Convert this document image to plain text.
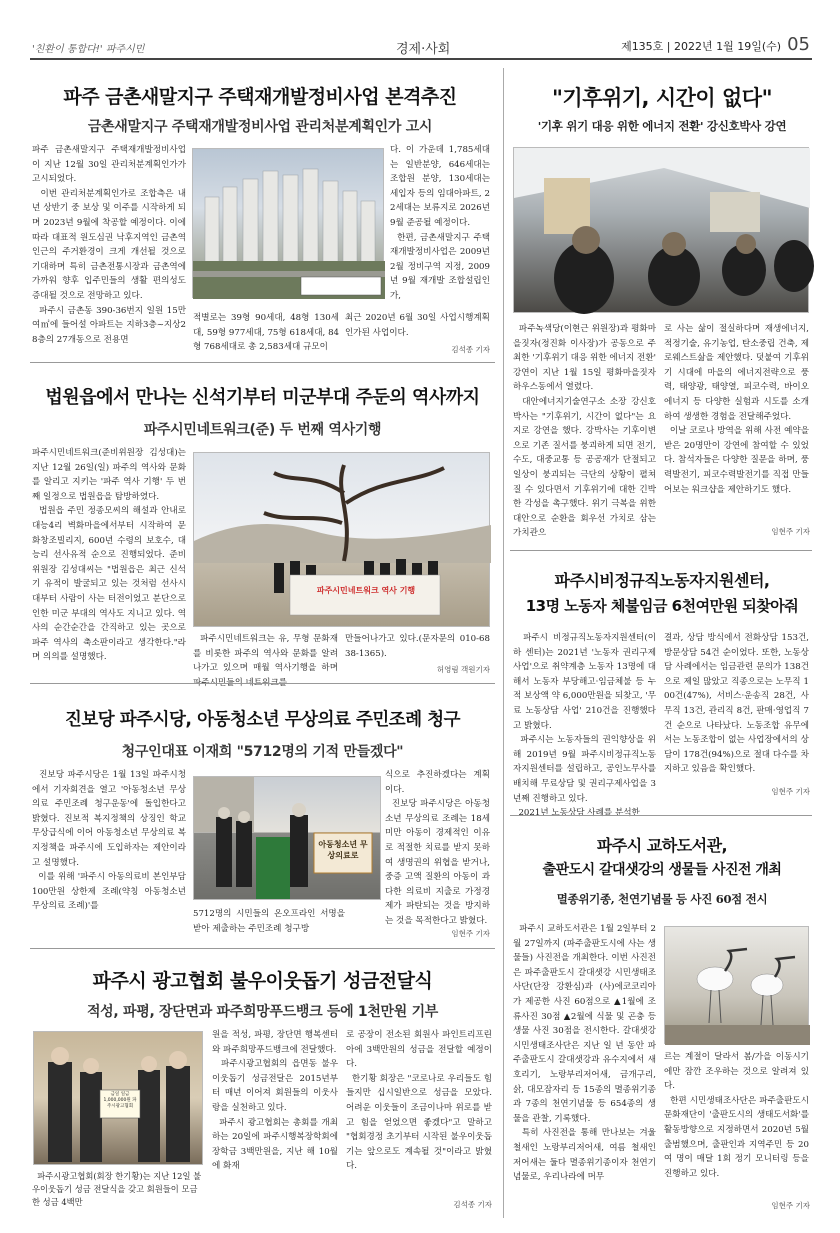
'친환이 통합다!' 파주시민	경제·사회	제135호 | 2022년 1월 19일(수) 05
파주 금촌새말지구 주택재개발정비사업 본격추진
금촌새말지구 주택재개발정비사업 관리처분계획인가 고시
파주 금촌새말지구 주택재개발정비사업이 지난 12월 30일 관리처분계획인가가 고시되었다.
이번 관리처분계획인가로 조합측은 내년 상반기 중 보상 및 이주를 시작하게 되며 2023년 9월에 착공할 예정이다. 이에 따라 대표적 원도심권 낙후지역인 금촌역 인근의 주거환경이 크게 개선될 것으로 기대하며 특히 금촌전통시장과 금촌역에 가까워 향후 입주민들의 생활 편의성도 증대될 것으로 전망하고 있다.
파주시 금촌동 390-36번지 일원 15만여㎡에 들어설 아파트는 지하3층~지상28층의 27개동으로 전용면
적별로는 39형 90세대, 48형 130세대, 59형 977세대, 75형 618세대, 84형 768세대로 총 2,583세대 규모이
다. 이 가운데 1,785세대는 일반분양, 646세대는 조합원 분양, 130세대는 세입자 등의 임대아파트, 22세대는 보류지로 2026년 9월 준공될 예정이다.
한편, 금촌새말지구 주택재개발정비사업은 2009년 2월 정비구역 지정, 2009년 9월 재개발 조합설립인가,
최근 2020년 6월 30일 사업시행계획인가된 사업이다.
김석종 기자
법원읍에서 만나는 신석기부터 미군부대 주둔의 역사까지
파주시민네트워크(준) 두 번째 역사기행
파주시민네트워크(준비위원장 김성대)는 지난 12월 26일(일) 파주의 역사와 문화를 알리고 지키는 '파주 역사 기행' 두 번째 일정으로 법원읍을 탐방하였다.
법원읍 주민 정종모씨의 해설과 안내로 대능4리 벽화마을에서부터 시작하여 문화창조빌리지, 600년 수령의 보호수, 대능리 선사유적 순으로 진행되었다. 준비위원장 김성대씨는 "법원읍은 최근 신석기 유적이 발굴되고 있는 것처럼 선사시대부터 사람이 사는 터전이었고 분단으로 인한 미군 부대의 역사도 지니고 있다. 역사의 순간순간을 간직하고 있는 곳으로 파주 역사의 축소판이라고 생각한다."라며 의의를 설명했다.
파주시민네트워크 역사 기행
파주시민네트워크는 유, 무형 문화재를 비롯한 파주의 역사와 문화를 알려 나가고 있으며 매월 역사기행을 하며 파주시민들의 네트워크를
만들어나가고 있다.(문자문의 010-6838-1365).
허영림 객원기자
진보당 파주시당, 아동청소년 무상의료 주민조례 청구
청구인대표 이재희 "5712명의 기적 만들겠다"
진보당 파주시당은 1월 13일 파주시청에서 기자회견을 열고 '아동청소년 무상의료 주민조례 청구운동'에 돌입한다고 밝혔다. 진보적 복지정책의 상징인 학교 무상급식에 이어 아동청소년 무상의료 복지정책을 파주시에 도입하자는 제안이라고 설명했다.
이를 위해 '파주시 아동의료비 본인부담 100만원 상한제 조례(약칭 아동청소년 무상의료 조례)'를
아동청소년 무상의료로
5712명의 시민들의 온오프라인 서명을 받아 제출하는 주민조례 청구방
식으로 추진하겠다는 계획이다.
진보당 파주시당은 아동청소년 무상의료 조례는 18세 미만 아동이 경제적인 이유로 적절한 치료를 받지 못하여 생명권의 위협을 받거나, 중증 고액 질환의 아동이 과다한 의료비 지출로 가정경제가 파탄되는 것을 방지하는 것을 목적한다고 밝혔다.
임현주 기자
파주시 광고협회 불우이웃돕기 성금전달식
적성, 파평, 장단면과 파주희망푸드뱅크 등에 1천만원 기부
금일 일금 1,000,000원 파주시광고협회
파주시광고협회(회장 한기황)는 지난 12일 불우이웃돕기 성금 전달식을 갖고 회원들이 모금한 성금 4백만
원을 적성, 파평, 장단면 행복센터와 파주희망푸드뱅크에 전달했다.
파주시광고협회의 읍면동 불우이웃돕기 성금전달은 2015년부터 매년 이어져 회원들의 이웃사랑을 실천하고 있다.
파주시 광고협회는 총회를 개최하는 20일에 파주시행복장학회에 장학금 3백만원을, 지난 해 10월에 화재
로 공장이 전소된 회원사 파인트리프린아에 3백만원의 성금을 전달할 예정이다.
한기황 회장은 "코로나로 우리들도 힘들지만 십시일반으로 성금을 모았다. 어려운 이웃들이 조금이나마 위로를 받고 힘을 얻었으면 좋겠다"고 말하고 "협회경정 초기부터 시작된 불우이웃돕기는 앞으로도 계속될 것"이라고 밝혔다.
김석종 기자
"기후위기, 시간이 없다"
'기후 위기 대응 위한 에너지 전환' 강신호박사 강연
파주녹색당(이현근 위원장)과 평화마을짓자(정진화 이사장)가 공동으로 주최한 '기후위기 대응 위한 에너지 전환' 강연이 지난 1월 15일 평화마을짓자 하우스동에서 열렸다.
대안에너지기술연구소 소장 강신호 박사는 "기후위기, 시간이 없다"는 요지로 강연을 했다. 강박사는 기후이변으로 기존 질서를 붕괴하게 되면 전기, 수도, 대중교통 등 공공재가 단절되고 일상이 붕괴되는 극단의 상황이 펼쳐질 수 있다면서 기후위기에 대한 긴박한 각성을 촉구했다. 위기 극복을 위한 대안으로 순환을 회우선 가치로 삼는 가치관으
로 사는 삶이 절실하다며 재생에너지, 적정기술, 유기농업, 탄소중립 건축, 제로웨스트삶을 제안했다. 덧붙여 기후위기 시대에 마을의 에너지전략으로 풍력, 태양광, 태양열, 피코수력, 바이오 에너지 등 다양한 실험과 시도를 소개하여 생생한 경험을 전달해주었다.
이날 코로나 방역을 위해 사전 예약을 받은 20명만이 강연에 참여할 수 있었다. 참석자들은 다양한 질문을 하며, 풍력발전기, 피코수력발전기를 직접 만들어보는 워크샵을 제안하기도 했다.
임현주 기자
파주시비정규직노동자지원센터,
13명 노동자 체불임금 6천여만원 되찾아줘
파주시 비정규직노동자지원센터(이하 센터)는 2021년 '노동자 권리구제사업'으로 취약계층 노동자 13명에 대해서 노동자 부당해고·임금체불 등 누적 보상액 약 6,000만원을 되찾고, '무료 노동상담 사업' 210건을 진행했다고 밝혔다.
파주시는 노동자들의 권익향상을 위해 2019년 9월 파주시비정규직노동자지원센터를 설립하고, 공인노무사를 배치해 무료상담 및 권리구제사업을 3년째 진행하고 있다.
2021년 노동상담 사례를 분석한
결과, 상담 방식에서 전화상담 153건, 방문상담 54건 순이었다. 또한, 노동상담 사례에서는 임금관련 문의가 138건으로 제일 많았고 직종으로는 노무직 100건(47%), 서비스·운송직 28건, 사무직 13건, 관리직 8건, 판매·영업직 7건 순으로 나타났다. 노동조합 유무에서는 노동조합이 없는 사업장에서의 상담이 178건(94%)으로 절대 다수를 차지하고 있음을 확인했다.
임현주 기자
파주시 교하도서관,
출판도시 갈대샛강의 생물들 사진전 개최
멸종위기종, 천연기념물 등 사진 60점 전시
파주시 교하도서관은 1월 2일부터 2월 27일까지 (파주출판도시에 사는 생물들) 사진전을 개최한다. 이번 사진전은 파주출판도시 갈대샛강 시민생태조사단(단장 강환심)과 (사)에코코리아가 제공한 사진 60점으로 ▲1월에 조류사진 30점 ▲2월에 식물 및 곤충 등 생물 사진 30점을 전시한다. 갈대샛강 시민생태조사단은 지난 일 년 동안 파주출판도시 갈대샛강과 유수지에서 새호리기, 노랑부리저어새, 금개구리, 삵, 대모잠자리 등 15종의 멸종위기종과 7종의 천연기념물 등 654종의 생물을 관찰, 기록했다.
특히 사진전을 통해 만나보는 겨울 철새인 노랑부리저어새, 여름 철새인 저어새는 둘다 멸종위기종이자 천연기념물로, 우리나라에 머무
르는 계절이 달라서 봄/가을 이동시기에만 잠깐 조우하는 것으로 알려져 있다.
한편 시민생태조사단은 파주출판도시문화재단이 '출판도시의 생태도서화'를 활동방향으로 지정하면서 2020년 5월 출범했으며, 출판인과 지역주민 등 20여 명이 매달 1회 정기 모니터링 등을 진행하고 있다.
임현주 기자
